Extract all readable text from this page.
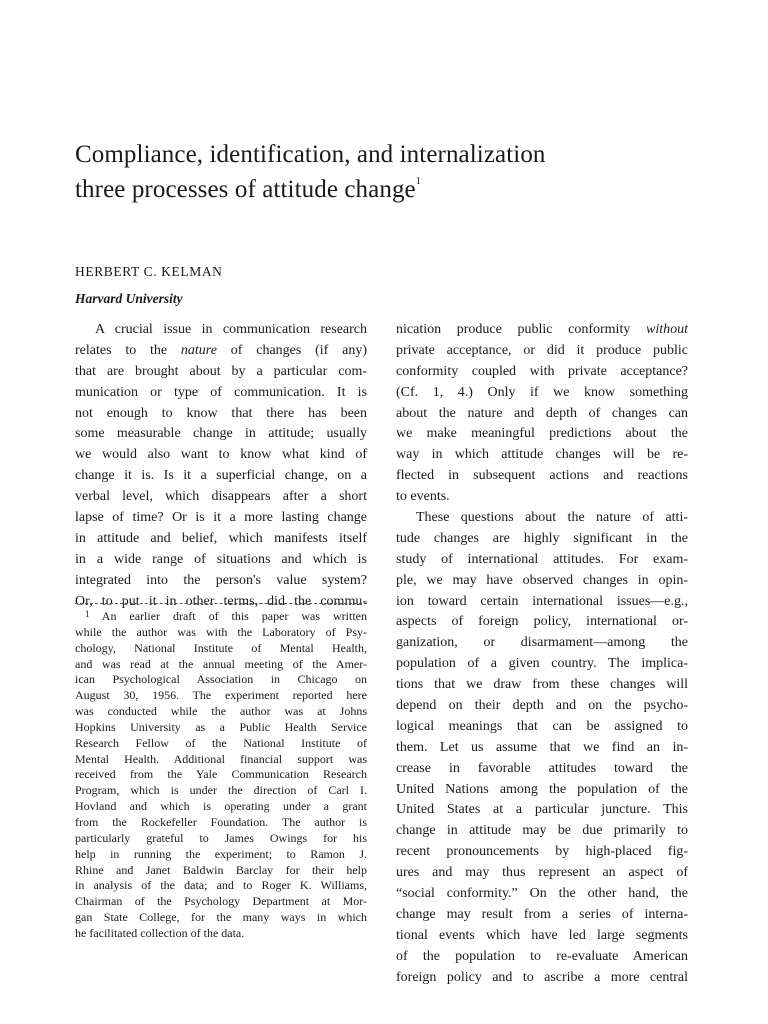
Compliance, identification, and internalization
three processes of attitude change$^1$

HERBERT C. KELMAN

Harvard University

A crucial issue in communication research
relates to the nature of changes (if any)
that are brought about by a particular com-
munication or type of communication. It is
not enough to know that there has been
some measurable change in attitude; usually
we would also want to know what kind of
change it is. Is it a superficial change, on a
verbal level, which disappears after a short
lapse of time? Or is it a more lasting change
in attitude and belief, which manifests itself
in a wide range of situations and which is
integrated into the person's value system?
Or, to put it in other terms, did the commu-
$^1$ An earlier draft of this paper was written
while the author was with the Laboratory of Psy-
chology, National Institute of Mental Health,
and was read at the annual meeting of the Amer-
ican Psychological Association in Chicago on
August 30, 1956. The experiment reported here
was conducted while the author was at Johns
Hopkins University as a Public Health Service
Research Fellow of the National Institute of
Mental Health. Additional financial support was
received from the Yale Communication Research
Program, which is under the direction of Carl I.
Hovland and which is operating under a grant
from the Rockefeller Foundation. The author is
particularly grateful to James Owings for his
help in running the experiment; to Ramon J.
Rhine and Janet Baldwin Barclay for their help
in analysis of the data; and to Roger K. Williams,
Chairman of the Psychology Department at Mor-
gan State College, for the many ways in which
he facilitated collection of the data.
nication produce public conformity without
private acceptance, or did it produce public
conformity coupled with private acceptance?
(Cf. 1, 4.) Only if we know something
about the nature and depth of changes can
we make meaningful predictions about the
way in which attitude changes will be re-
flected in subsequent actions and reactions
to events.
These questions about the nature of atti-
tude changes are highly significant in the
study of international attitudes. For exam-
ple, we may have observed changes in opin-
ion toward certain international issues—e.g.,
aspects of foreign policy, international or-
ganization, or disarmament—among the
population of a given country. The implica-
tions that we draw from these changes will
depend on their depth and on the psycho-
logical meanings that can be assigned to
them. Let us assume that we find an in-
crease in favorable attitudes toward the
United Nations among the population of the
United States at a particular juncture. This
change in attitude may be due primarily to
recent pronouncements by high-placed fig-
ures and may thus represent an aspect of
“social conformity.” On the other hand, the
change may result from a series of interna-
tional events which have led large segments
of the population to re-evaluate American
foreign policy and to ascribe a more central
